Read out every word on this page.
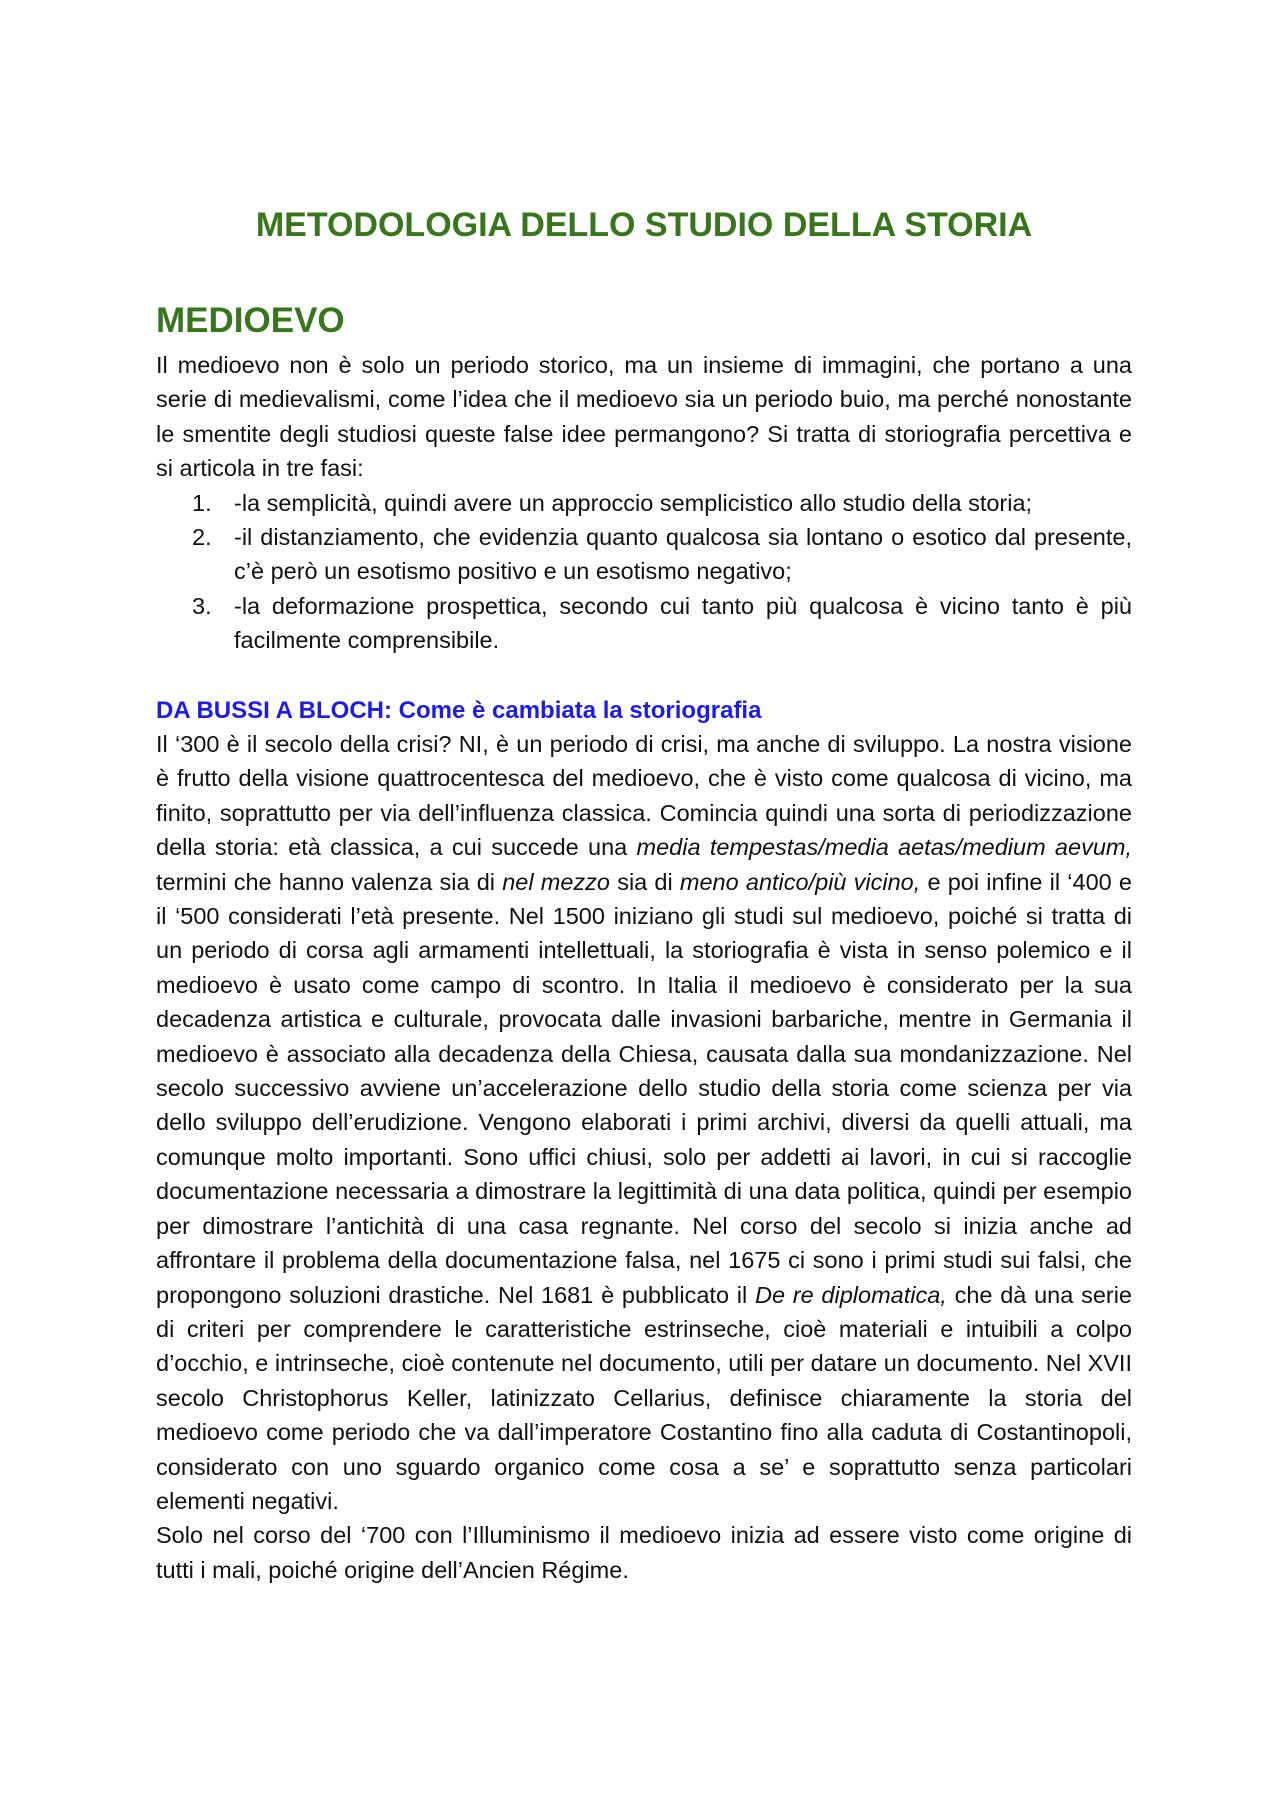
METODOLOGIA DELLO STUDIO DELLA STORIA
MEDIOEVO

Il medioevo non è solo un periodo storico, ma un insieme di immagini, che portano a una serie di medievalismi, come l’idea che il medioevo sia un periodo buio, ma perché nonostante le smentite degli studiosi queste false idee permangono? Si tratta di storiografia percettiva e si articola in tre fasi:

1. -la semplicità, quindi avere un approccio semplicistico allo studio della storia;
2. -il distanziamento, che evidenzia quanto qualcosa sia lontano o esotico dal presente, c’è però un esotismo positivo e un esotismo negativo;
3. -la deformazione prospettica, secondo cui tanto più qualcosa è vicino tanto è più facilmente comprensibile.
DA BUSSI A BLOCH: Come è cambiata la storiografia

Il ‘300 è il secolo della crisi? NI, è un periodo di crisi, ma anche di sviluppo. La nostra visione è frutto della visione quattrocentesca del medioevo, che è visto come qualcosa di vicino, ma finito, soprattutto per via dell’influenza classica. Comincia quindi una sorta di periodizzazione della storia: età classica, a cui succede una media tempestas/media aetas/medium aevum, termini che hanno valenza sia di nel mezzo sia di meno antico/più vicino, e poi infine il ‘400 e il ‘500 considerati l’età presente. Nel 1500 iniziano gli studi sul medioevo, poiché si tratta di un periodo di corsa agli armamenti intellettuali, la storiografia è vista in senso polemico e il medioevo è usato come campo di scontro. In Italia il medioevo è considerato per la sua decadenza artistica e culturale, provocata dalle invasioni barbariche, mentre in Germania il medioevo è associato alla decadenza della Chiesa, causata dalla sua mondanizzazione. Nel secolo successivo avviene un’accelerazione dello studio della storia come scienza per via dello sviluppo dell’erudizione. Vengono elaborati i primi archivi, diversi da quelli attuali, ma comunque molto importanti. Sono uffici chiusi, solo per addetti ai lavori, in cui si raccoglie documentazione necessaria a dimostrare la legittimità di una data politica, quindi per esempio per dimostrare l’antichità di una casa regnante. Nel corso del secolo si inizia anche ad affrontare il problema della documentazione falsa, nel 1675 ci sono i primi studi sui falsi, che propongono soluzioni drastiche. Nel 1681 è pubblicato il De re diplomatica, che dà una serie di criteri per comprendere le caratteristiche estrinseche, cioè materiali e intuibili a colpo d’occhio, e intrinseche, cioè contenute nel documento, utili per datare un documento. Nel XVII secolo Christophorus Keller, latinizzato Cellarius, definisce chiaramente la storia del medioevo come periodo che va dall’imperatore Costantino fino alla caduta di Costantinopoli, considerato con uno sguardo organico come cosa a se’ e soprattutto senza particolari elementi negativi.

Solo nel corso del ‘700 con l’Illuminismo il medioevo inizia ad essere visto come origine di tutti i mali, poiché origine dell’Ancien Régime.
